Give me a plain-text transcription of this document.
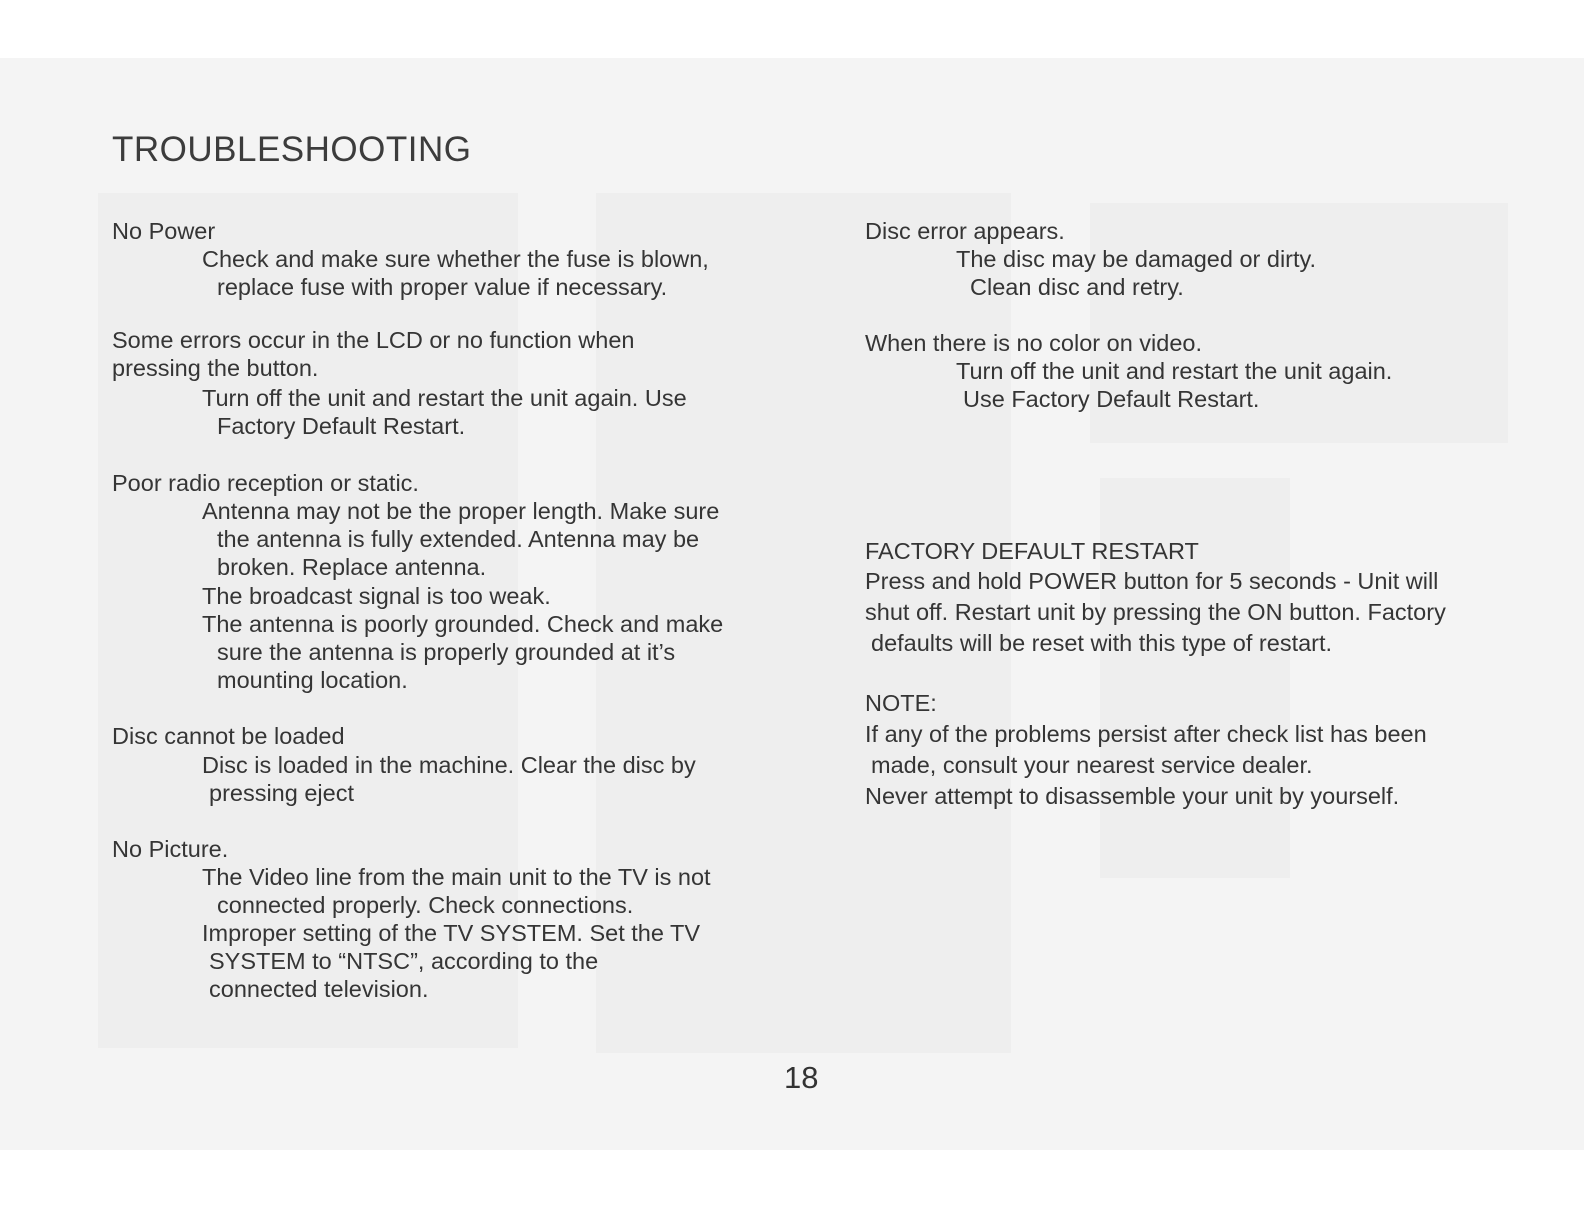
TROUBLESHOOTING
No Power
Check and make sure whether the fuse is blown,
replace fuse with proper value if necessary.
Some errors occur in the LCD or no function when
pressing the button.
Turn off the unit and restart the unit again. Use
Factory Default Restart.
Poor radio reception or static.
Antenna may not be the proper length. Make sure
the antenna is fully extended. Antenna may be
broken. Replace antenna.
The broadcast signal is too weak.
The antenna is poorly grounded. Check and make
sure the antenna is properly grounded at it’s
mounting location.
Disc cannot be loaded
Disc is loaded in the machine. Clear the disc by
pressing eject
No Picture.
The Video line from the main unit to the TV is not
connected properly. Check connections.
Improper setting of the TV SYSTEM. Set the TV
SYSTEM to “NTSC”, according to the
connected television.
Disc error appears.
The disc may be damaged or dirty.
Clean disc and retry.
When there is no color on video.
Turn off the unit and restart the unit again.
Use Factory Default Restart.
FACTORY DEFAULT RESTART
Press and hold POWER button for 5 seconds - Unit will
shut off. Restart unit by pressing the ON button. Factory
defaults will be reset with this type of restart.
NOTE:
If any of the problems persist after check list has been
made, consult your nearest service dealer.
Never attempt to disassemble your unit by yourself.
18
